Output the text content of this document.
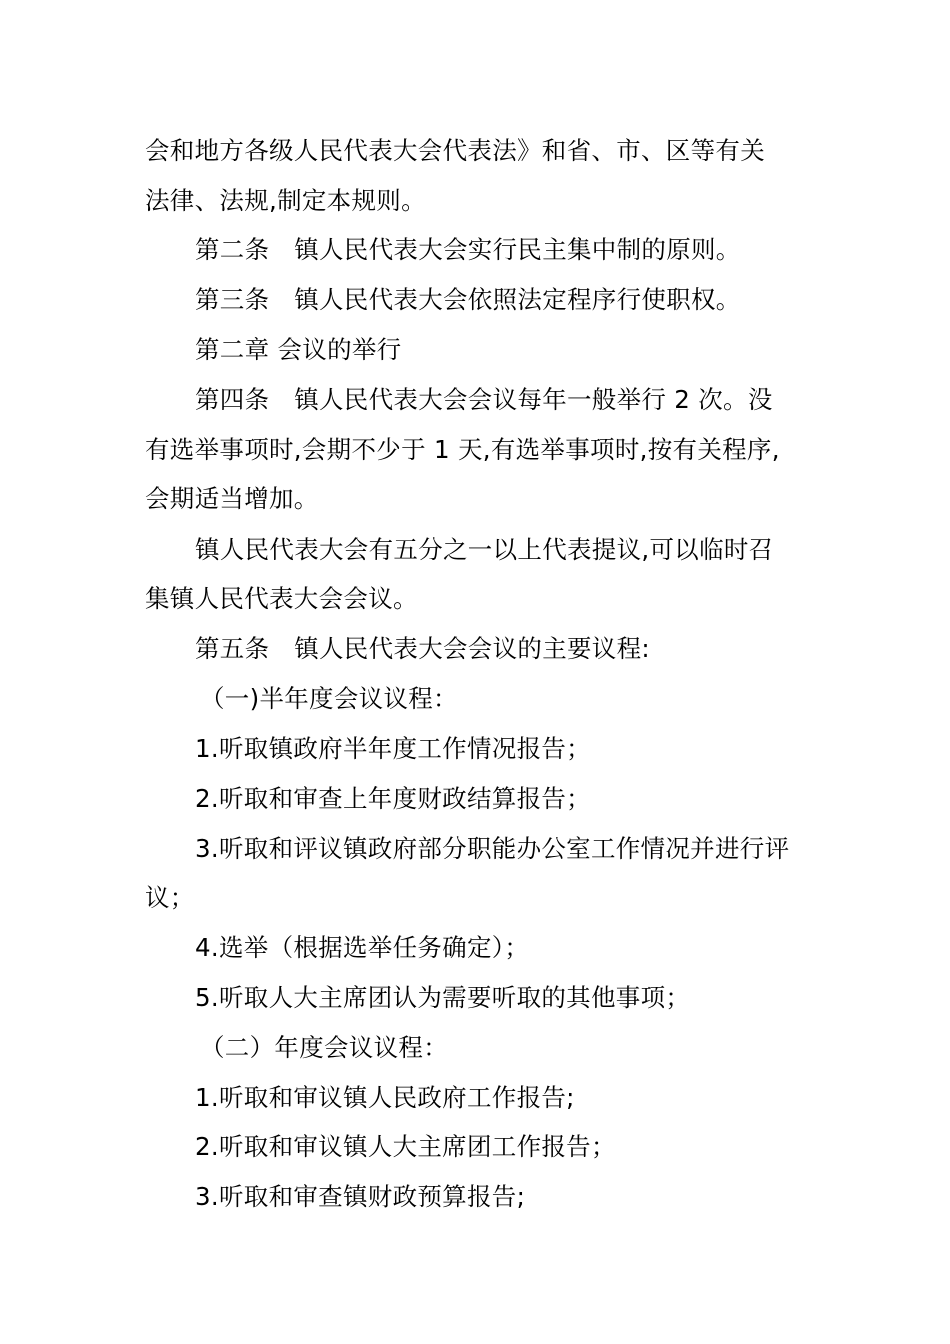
会和地方各级人民代表大会代表法》和省、市、区等有关
法律、法规,制定本规则。
第二条　镇人民代表大会实行民主集中制的原则。
第三条　镇人民代表大会依照法定程序行使职权。
第二章 会议的举行
第四条　镇人民代表大会会议每年一般举行 2 次。没
有选举事项时,会期不少于 1 天,有选举事项时,按有关程序,
会期适当增加。
镇人民代表大会有五分之一以上代表提议,可以临时召
集镇人民代表大会会议。
第五条　镇人民代表大会会议的主要议程:
（一)半年度会议议程：
1.听取镇政府半年度工作情况报告；
2.听取和审查上年度财政结算报告；
3.听取和评议镇政府部分职能办公室工作情况并进行评
议；
4.选举（根据选举任务确定）；
5.听取人大主席团认为需要听取的其他事项；
（二）年度会议议程：
1.听取和审议镇人民政府工作报告;
2.听取和审议镇人大主席团工作报告；
3.听取和审查镇财政预算报告;
